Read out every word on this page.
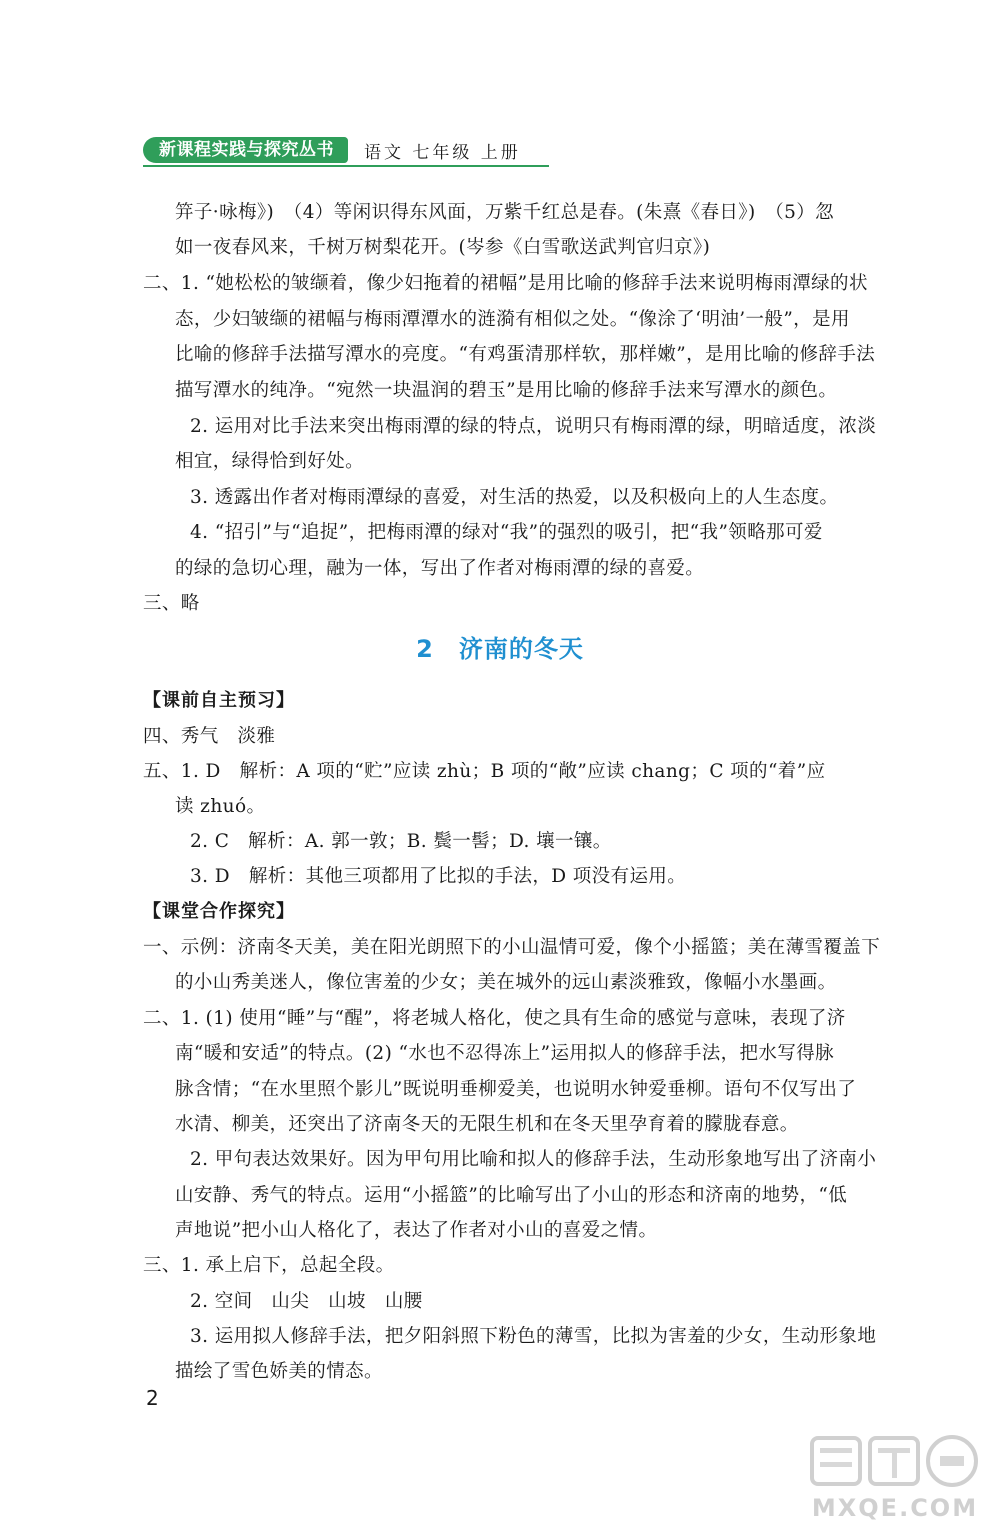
新课程实践与探究丛书	语文 七年级 上册
笄子·咏梅》)　（4）等闲识得东风面，万紫千红总是春。(朱熹《春日》)　（5）忽
如一夜春风来，千树万树梨花开。(岑参《白雪歌送武判官归京》)
二、1. “她松松的皱缬着，像少妇拖着的裙幅”是用比喻的修辞手法来说明梅雨潭绿的状
态，少妇皱缬的裙幅与梅雨潭潭水的涟漪有相似之处。“像涂了‘明油’一般”，是用
比喻的修辞手法描写潭水的亮度。“有鸡蛋清那样软，那样嫩”，是用比喻的修辞手法
描写潭水的纯净。“宛然一块温润的碧玉”是用比喻的修辞手法来写潭水的颜色。
2. 运用对比手法来突出梅雨潭的绿的特点，说明只有梅雨潭的绿，明暗适度，浓淡
相宜，绿得恰到好处。
3. 透露出作者对梅雨潭绿的喜爱，对生活的热爱，以及积极向上的人生态度。
4. “招引”与“追捉”，把梅雨潭的绿对“我”的强烈的吸引，把“我”领略那可爱
的绿的急切心理，融为一体，写出了作者对梅雨潭的绿的喜爱。
三、略
2　济南的冬天
【课前自主预习】
四、秀气　淡雅
五、1. D　解析：A 项的“贮”应读 zhù；B 项的“敞”应读 chang；C 项的“着”应
读 zhuó。
2. C　解析：A. 郭一敦；B. 鬓一髻；D. 壤一镶。
3. D　解析：其他三项都用了比拟的手法，D 项没有运用。
【课堂合作探究】
一、示例：济南冬天美，美在阳光朗照下的小山温情可爱，像个小摇篮；美在薄雪覆盖下
的小山秀美迷人，像位害羞的少女；美在城外的远山素淡雅致，像幅小水墨画。
二、1. (1) 使用“睡”与“醒”，将老城人格化，使之具有生命的感觉与意味，表现了济
南“暖和安适”的特点。(2) “水也不忍得冻上”运用拟人的修辞手法，把水写得脉
脉含情；“在水里照个影儿”既说明垂柳爱美，也说明水钟爱垂柳。语句不仅写出了
水清、柳美，还突出了济南冬天的无限生机和在冬天里孕育着的朦胧春意。
2. 甲句表达效果好。因为甲句用比喻和拟人的修辞手法，生动形象地写出了济南小
山安静、秀气的特点。运用“小摇篮”的比喻写出了小山的形态和济南的地势，“低
声地说”把小山人格化了，表达了作者对小山的喜爱之情。
三、1. 承上启下，总起全段。
2. 空间　山尖　山坡　山腰
3. 运用拟人修辞手法，把夕阳斜照下粉色的薄雪，比拟为害羞的少女，生动形象地
描绘了雪色娇美的情态。
2
MXQE.COM
